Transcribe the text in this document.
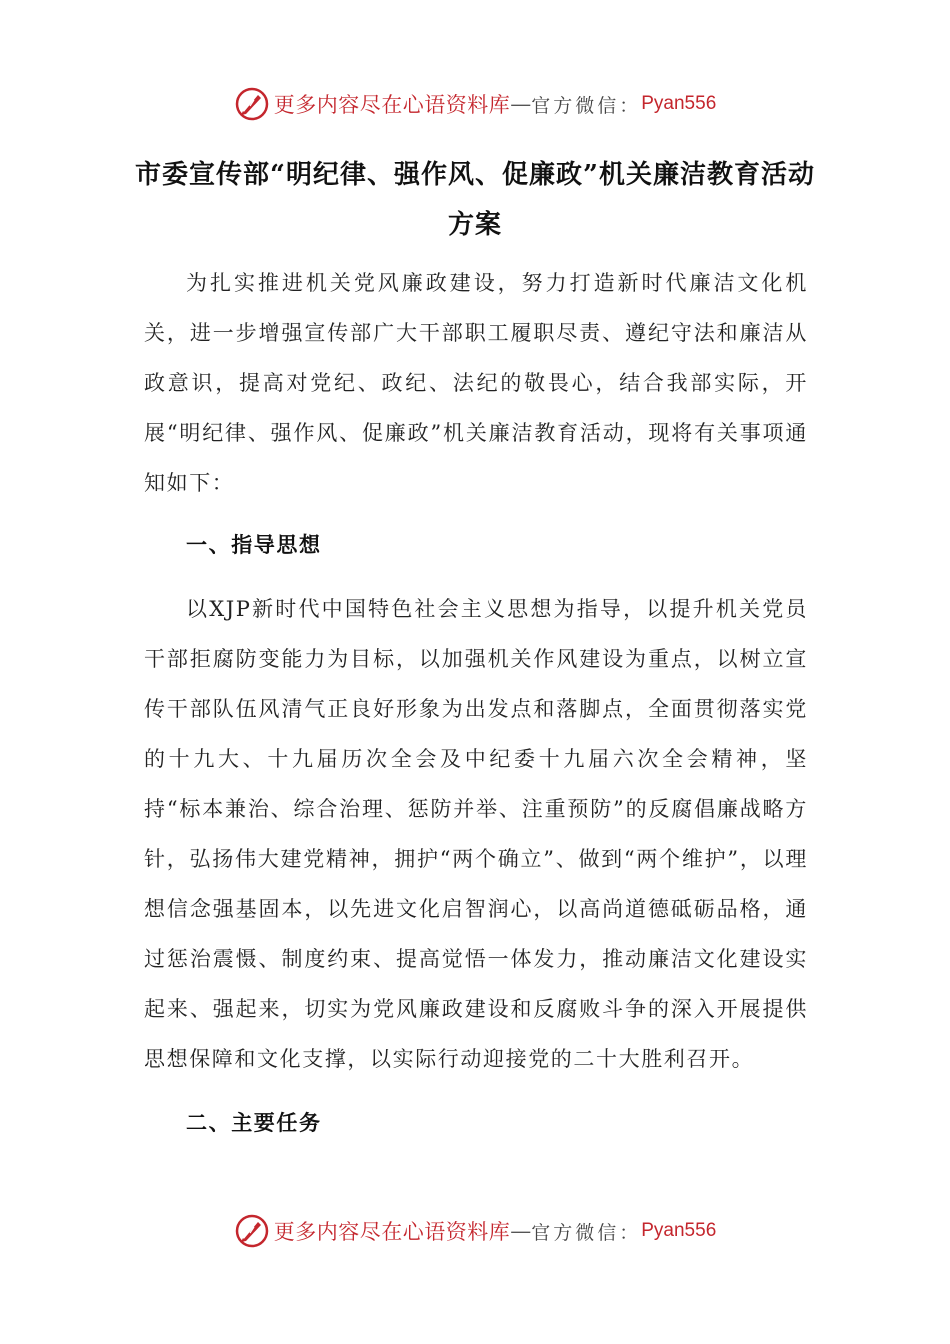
更多内容尽在心语资料库 — 官方微信： Pyan556
市委宣传部“明纪律、强作风、促廉政”机关廉洁教育活动方案

为扎实推进机关党风廉政建设，努力打造新时代廉洁文化机关，进一步增强宣传部广大干部职工履职尽责、遵纪守法和廉洁从政意识，提高对党纪、政纪、法纪的敬畏心，结合我部实际，开展“明纪律、强作风、促廉政”机关廉洁教育活动，现将有关事项通知如下：

一、指导思想

以XJP新时代中国特色社会主义思想为指导，以提升机关党员干部拒腐防变能力为目标，以加强机关作风建设为重点，以树立宣传干部队伍风清气正良好形象为出发点和落脚点，全面贯彻落实党的十九大、十九届历次全会及中纪委十九届六次全会精神，坚持“标本兼治、综合治理、惩防并举、注重预防”的反腐倡廉战略方针，弘扬伟大建党精神，拥护“两个确立”、做到“两个维护”，以理想信念强基固本，以先进文化启智润心，以高尚道德砥砺品格，通过惩治震慑、制度约束、提高觉悟一体发力，推动廉洁文化建设实起来、强起来，切实为党风廉政建设和反腐败斗争的深入开展提供思想保障和文化支撑，以实际行动迎接党的二十大胜利召开。

二、主要任务

更多内容尽在心语资料库 — 官方微信： Pyan556
